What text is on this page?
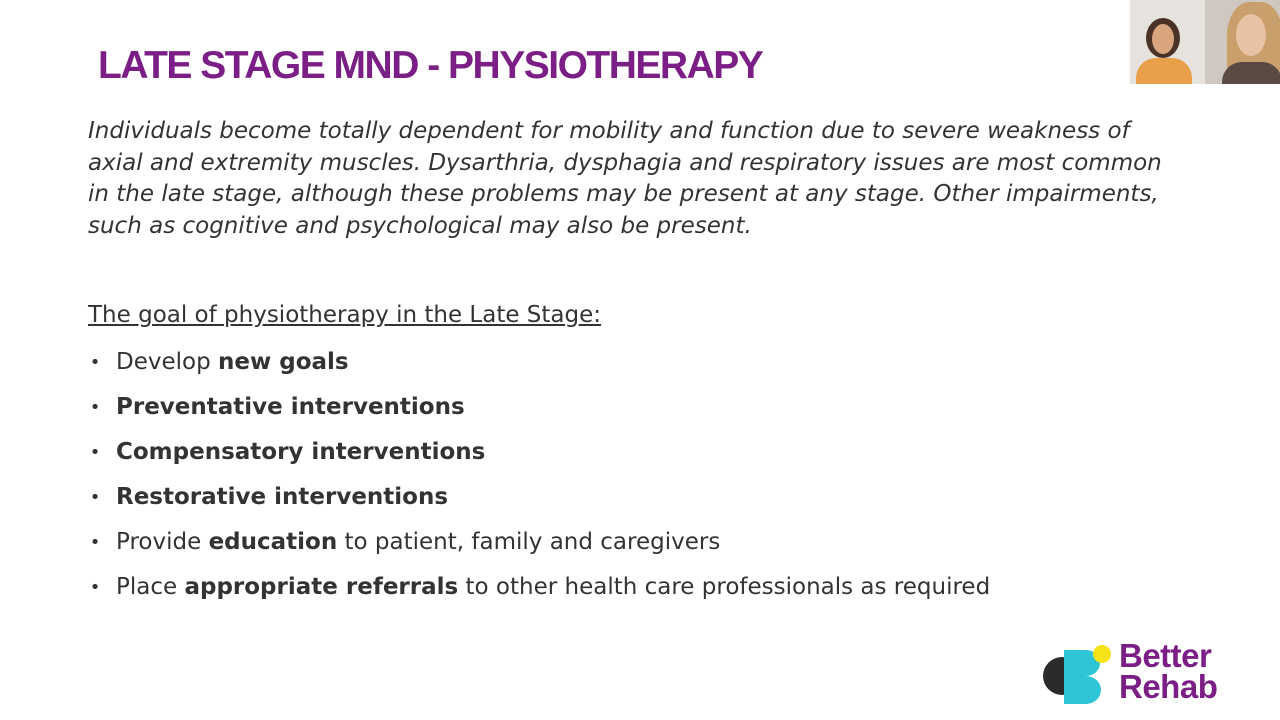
LATE STAGE MND - PHYSIOTHERAPY
Individuals become totally dependent for mobility and function due to severe weakness of axial and extremity muscles. Dysarthria, dysphagia and respiratory issues are most common in the late stage, although these problems may be present at any stage. Other impairments, such as cognitive and psychological may also be present.
The goal of physiotherapy in the Late Stage:
• Develop new goals
• Preventative interventions
• Compensatory interventions
• Restorative interventions
• Provide education to patient, family and caregivers
• Place appropriate referrals to other health care professionals as required
Better
Rehab
